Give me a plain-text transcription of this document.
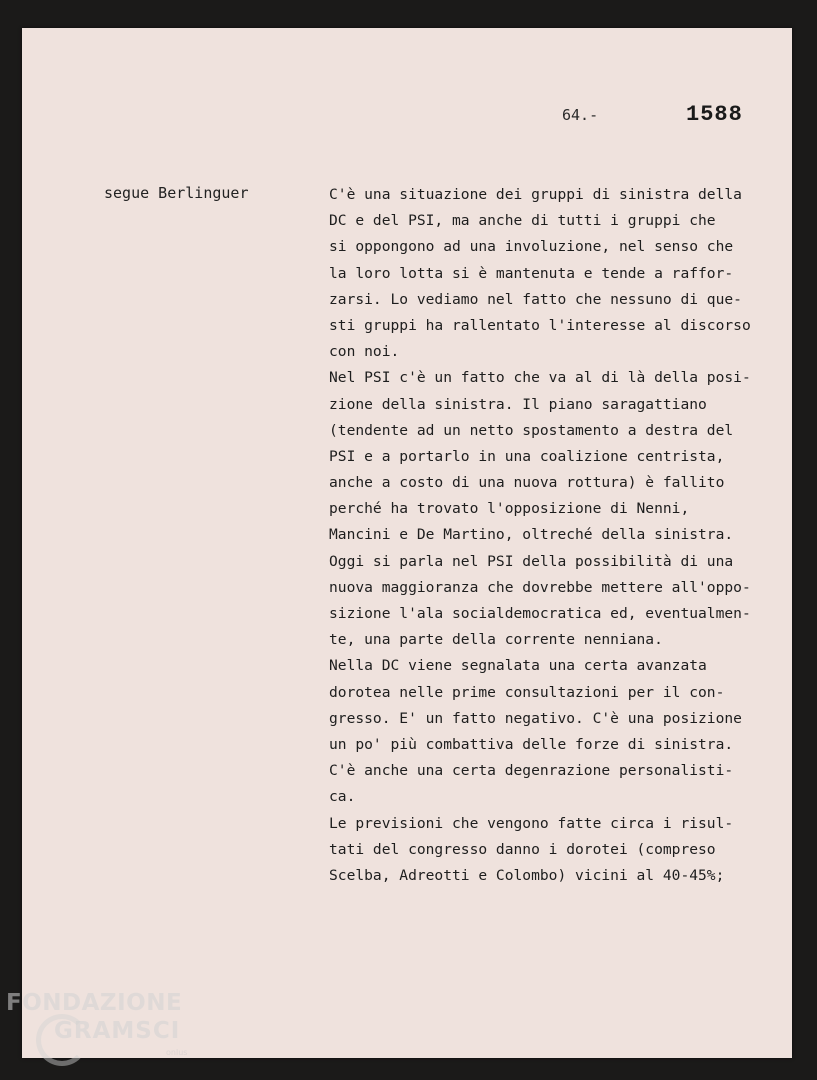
64.-	1588
segue Berlinguer	C'è una situazione dei gruppi di sinistra della
DC e del PSI, ma anche di tutti i gruppi che
si oppongono ad una involuzione, nel senso che
la loro lotta si è mantenuta e tende a raffor-
zarsi. Lo vediamo nel fatto che nessuno di que-
sti gruppi ha rallentato l'interesse al discorso
con noi.
Nel PSI c'è un fatto che va al di là della posi-
zione della sinistra. Il piano saragattiano
(tendente ad un netto spostamento a destra del
PSI e a portarlo in una coalizione centrista,
anche a costo di una nuova rottura) è fallito
perché ha trovato l'opposizione di Nenni,
Mancini e De Martino, oltreché della sinistra.
Oggi si parla nel PSI della possibilità di una
nuova maggioranza che dovrebbe mettere all'oppo-
sizione l'ala socialdemocratica ed, eventualmen-
te, una parte della corrente nenniana.
Nella DC viene segnalata una certa avanzata
dorotea nelle prime consultazioni per il con-
gresso. E' un fatto negativo. C'è una posizione
un po' più combattiva delle forze di sinistra.
C'è anche una certa degenrazione personalisti-
ca.
Le previsioni che vengono fatte circa i risul-
tati del congresso danno i dorotei (compreso
Scelba, Adreotti e Colombo) vicini al 40-45%;
FONDAZIONE
GRAMSCI
onlus
